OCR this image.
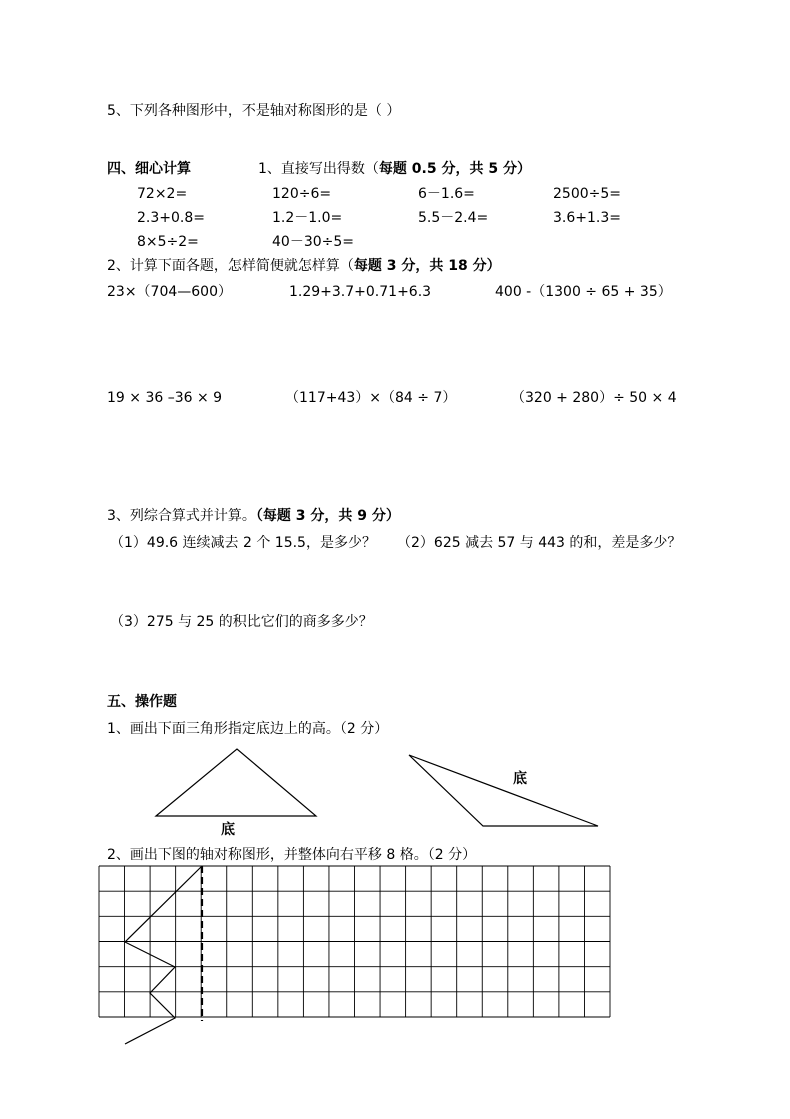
5、下列各种图形中，不是轴对称图形的是（ ）
四、细心计算	1、直接写出得数（每题 0.5 分，共 5 分）
72×2=	120÷6=	6－1.6=	2500÷5=
2.3+0.8=	1.2－1.0=	5.5－2.4=	3.6+1.3=
8×5÷2=	40－30÷5=
2、计算下面各题，怎样简便就怎样算（每题 3 分，共 18 分）
23×（704—600）	1.29+3.7+0.71+6.3	400 -（1300 ÷ 65 + 35）
19 × 36 –36 × 9	（117+43）×（84 ÷ 7）	（320 + 280）÷ 50 × 4
3、列综合算式并计算。（每题 3 分，共 9 分）
（1）49.6 连续减去 2 个 15.5，是多少？ （2）625 减去 57 与 443 的和，差是多少？
（3）275 与 25 的积比它们的商多多少？
五、操作题
1、画出下面三角形指定底边上的高。（2 分）
底
底
2、画出下图的轴对称图形，并整体向右平移 8 格。（2 分）
